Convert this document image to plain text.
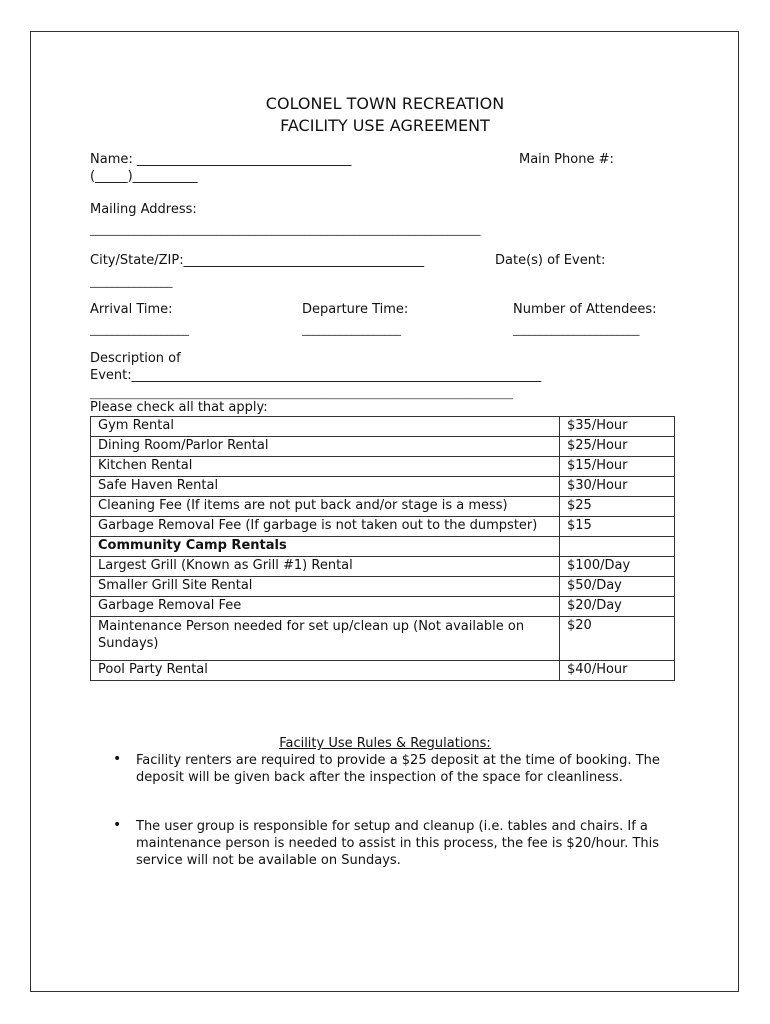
COLONEL TOWN RECREATION
FACILITY USE AGREEMENT
Name: _________________________________	Main Phone #:
(_____)__________
Mailing Address:
_______________________________________________________________________
City/State/ZIP:_____________________________________	Date(s) of Event:
_______________
Arrival Time:	Departure Time:	Number of Attendees:
__________________	__________________	_______________________
Description of
Event:_______________________________________________________________
______________________________________________________________________________________________
Please check all that apply:
Gym Rental	$35/Hour
Dining Room/Parlor Rental	$25/Hour
Kitchen Rental	$15/Hour
Safe Haven Rental	$30/Hour
Cleaning Fee (If items are not put back and/or stage is a mess)	$25
Garbage Removal Fee (If garbage is not taken out to the dumpster)	$15
Community Camp Rentals	
Largest Grill (Known as Grill #1) Rental	$100/Day
Smaller Grill Site Rental	$50/Day
Garbage Removal Fee	$20/Day
Maintenance Person needed for set up/clean up (Not available on Sundays)	$20
Pool Party Rental	$40/Hour
Facility Use Rules & Regulations:
• Facility renters are required to provide a $25 deposit at the time of booking. The deposit will be given back after the inspection of the space for cleanliness.
• The user group is responsible for setup and cleanup (i.e. tables and chairs. If a maintenance person is needed to assist in this process, the fee is $20/hour. This service will not be available on Sundays.
